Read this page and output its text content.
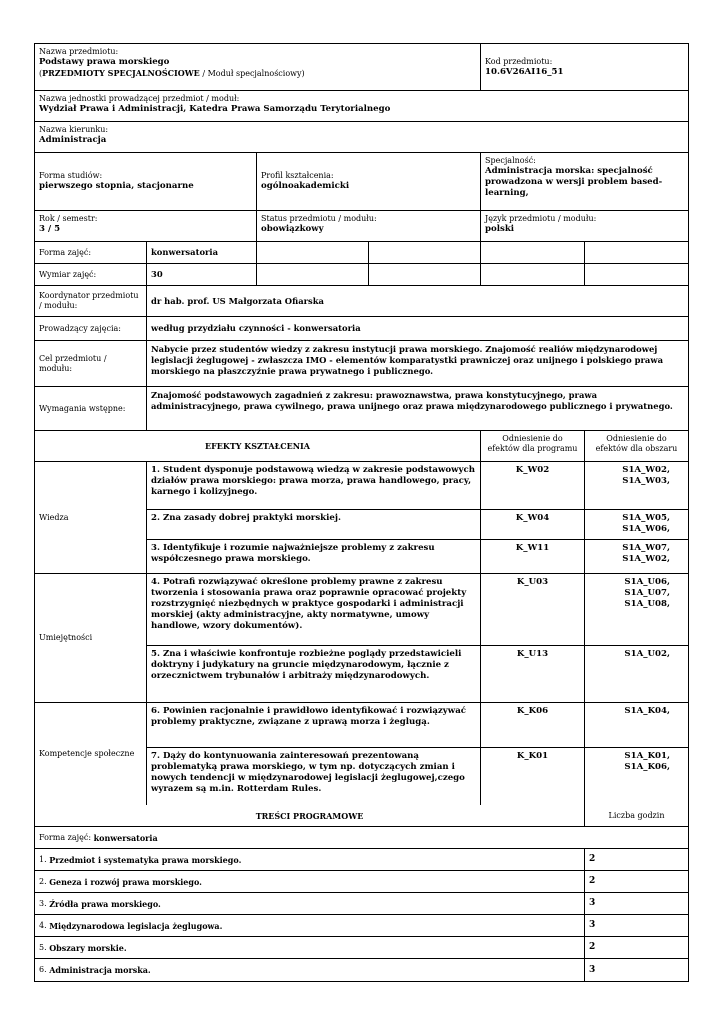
Nazwa przedmiotu:
Podstawy prawa morskiego
(PRZEDMIOTY SPECJALNOŚCIOWE / Moduł specjalnościowy)
Kod przedmiotu:
10.6V26AI16_51
Nazwa jednostki prowadzącej przedmiot / moduł:
Wydział Prawa i Administracji, Katedra Prawa Samorządu Terytorialnego
Nazwa kierunku:
Administracja
Forma studiów:
pierwszego stopnia, stacjonarne
Profil kształcenia:
ogólnoakademicki
Specjalność:
Administracja morska: specjalność prowadzona w wersji problem based-learning,
Rok / semestr:
3 / 5
Status przedmiotu / modułu:
obowiązkowy
Język przedmiotu / modułu:
polski
Forma zajęć:	konwersatoria
Wymiar zajęć:	30
Koordynator przedmiotu / modułu:	dr hab. prof. US Małgorzata Ofiarska
Prowadzący zajęcia:	według przydziału czynności - konwersatoria
Cel przedmiotu / modułu:
Nabycie przez studentów wiedzy z zakresu instytucji prawa morskiego. Znajomość realiów międzynarodowej legislacji żeglugowej - zwłaszcza IMO - elementów komparatystki prawniczej oraz unijnego i polskiego prawa morskiego na płaszczyźnie prawa prywatnego i publicznego.
Wymagania wstępne:
Znajomość podstawowych zagadnień z zakresu: prawoznawstwa, prawa konstytucyjnego, prawa administracyjnego, prawa cywilnego, prawa unijnego oraz prawa międzynarodowego publicznego i prywatnego.
EFEKTY KSZTAŁCENIA
Odniesienie do efektów dla programu
Odniesienie do efektów dla obszaru
Wiedza
1. Student dysponuje podstawową wiedzą w zakresie podstawowych działów prawa morskiego: prawa morza, prawa handlowego, pracy, karnego i kolizyjnego.
K_W02	S1A_W02,
S1A_W03,
2. Zna zasady dobrej praktyki morskiej.	K_W04	S1A_W05,
S1A_W06,
3. Identyfikuje i rozumie najważniejsze problemy z zakresu współczesnego prawa morskiego.
K_W11	S1A_W07,
S1A_W02,
Umiejętności
4. Potrafi rozwiązywać określone problemy prawne z zakresu tworzenia i stosowania prawa oraz poprawnie opracować projekty rozstrzygnięć niezbędnych w praktyce gospodarki i administracji morskiej (akty administracyjne, akty normatywne, umowy handlowe, wzory dokumentów).
K_U03	S1A_U06,
S1A_U07,
S1A_U08,
5. Zna i właściwie konfrontuje rozbieżne poglądy przedstawicieli doktryny i judykatury na gruncie międzynarodowym, łącznie z orzecznictwem trybunałów i arbitraży międzynarodowych.
K_U13	S1A_U02,
Kompetencje społeczne
6. Powinien racjonalnie i prawidłowo identyfikować i rozwiązywać problemy praktyczne, związane z uprawą morza i żeglugą.
K_K06	S1A_K04,
7. Dąży do kontynuowania zainteresowań prezentowaną problematyką prawa morskiego, w tym np. dotyczących zmian i nowych tendencji w międzynarodowej legislacji żeglugowej,czego wyrazem są m.in. Rotterdam Rules.
K_K01	S1A_K01,
S1A_K06,
TREŚCI PROGRAMOWE	Liczba godzin
Forma zajęć:
konwersatoria
1. Przedmiot i systematyka prawa morskiego.	2
2. Geneza i rozwój prawa morskiego.	2
3. Źródła prawa morskiego.	3
4. Międzynarodowa legislacja żeglugowa.	3
5. Obszary morskie.	2
6. Administracja morska.	3
